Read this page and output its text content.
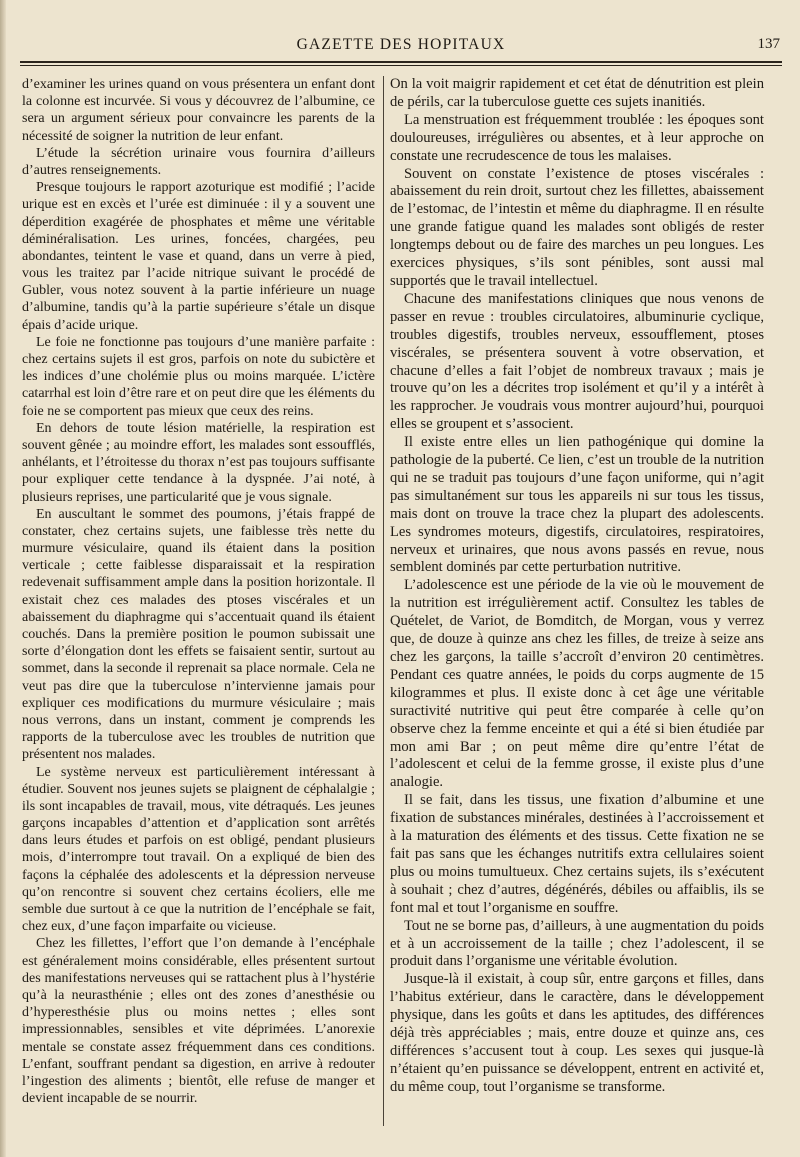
GAZETTE DES HOPITAUX	137

d’examiner les urines quand on vous présentera un enfant dont la colonne est incurvée. Si vous y découvrez de l’albumine, ce sera un argument sérieux pour convaincre les parents de la nécessité de soigner la nutrition de leur enfant.

L’étude la sécrétion urinaire vous fournira d’ailleurs d’autres renseignements.

Presque toujours le rapport azoturique est modifié ; l’acide urique est en excès et l’urée est diminuée : il y a souvent une déperdition exagérée de phosphates et même une véritable déminéralisation. Les urines, foncées, chargées, peu abondantes, teintent le vase et quand, dans un verre à pied, vous les traitez par l’acide nitrique suivant le procédé de Gubler, vous notez souvent à la partie inférieure un nuage d’albumine, tandis qu’à la partie supérieure s’étale un disque épais d’acide urique.

Le foie ne fonctionne pas toujours d’une manière parfaite : chez certains sujets il est gros, parfois on note du subictère et les indices d’une cholémie plus ou moins marquée. L’ictère catarrhal est loin d’être rare et on peut dire que les éléments du foie ne se comportent pas mieux que ceux des reins.

En dehors de toute lésion matérielle, la respiration est souvent gênée ; au moindre effort, les malades sont essoufflés, anhélants, et l’étroitesse du thorax n’est pas toujours suffisante pour expliquer cette tendance à la dyspnée. J’ai noté, à plusieurs reprises, une particularité que je vous signale.

En auscultant le sommet des poumons, j’étais frappé de constater, chez certains sujets, une faiblesse très nette du murmure vésiculaire, quand ils étaient dans la position verticale ; cette faiblesse disparaissait et la respiration redevenait suffisamment ample dans la position horizontale. Il existait chez ces malades des ptoses viscérales et un abaissement du diaphragme qui s’accentuait quand ils étaient couchés. Dans la première position le poumon subissait une sorte d’élongation dont les effets se faisaient sentir, surtout au sommet, dans la seconde il reprenait sa place normale. Cela ne veut pas dire que la tuberculose n’intervienne jamais pour expliquer ces modifications du murmure vésiculaire ; mais nous verrons, dans un instant, comment je comprends les rapports de la tuberculose avec les troubles de nutrition que présentent nos malades.

Le système nerveux est particulièrement intéressant à étudier. Souvent nos jeunes sujets se plaignent de céphalalgie ; ils sont incapables de travail, mous, vite détraqués. Les jeunes garçons incapables d’attention et d’application sont arrêtés dans leurs études et parfois on est obligé, pendant plusieurs mois, d’interrompre tout travail. On a expliqué de bien des façons la céphalée des adolescents et la dépression nerveuse qu’on rencontre si souvent chez certains écoliers, elle me semble due surtout à ce que la nutrition de l’encéphale se fait, chez eux, d’une façon imparfaite ou vicieuse.

Chez les fillettes, l’effort que l’on demande à l’encéphale est généralement moins considérable, elles présentent surtout des manifestations nerveuses qui se rattachent plus à l’hystérie qu’à la neurasthénie ; elles ont des zones d’anesthésie ou d’hyperesthésie plus ou moins nettes ; elles sont impressionnables, sensibles et vite déprimées. L’anorexie mentale se constate assez fréquemment dans ces conditions. L’enfant, souffrant pendant sa digestion, en arrive à redouter l’ingestion des aliments ; bientôt, elle refuse de manger et devient incapable de se nourrir.

On la voit maigrir rapidement et cet état de dénutrition est plein de périls, car la tuberculose guette ces sujets inanitiés.

La menstruation est fréquemment troublée : les époques sont douloureuses, irrégulières ou absentes, et à leur approche on constate une recrudescence de tous les malaises.

Souvent on constate l’existence de ptoses viscérales : abaissement du rein droit, surtout chez les fillettes, abaissement de l’estomac, de l’intestin et même du diaphragme. Il en résulte une grande fatigue quand les malades sont obligés de rester longtemps debout ou de faire des marches un peu longues. Les exercices physiques, s’ils sont pénibles, sont aussi mal supportés que le travail intellectuel.

Chacune des manifestations cliniques que nous venons de passer en revue : troubles circulatoires, albuminurie cyclique, troubles digestifs, troubles nerveux, essoufflement, ptoses viscérales, se présentera souvent à votre observation, et chacune d’elles a fait l’objet de nombreux travaux ; mais je trouve qu’on les a décrites trop isolément et qu’il y a intérêt à les rapprocher. Je voudrais vous montrer aujourd’hui, pourquoi elles se groupent et s’associent.

Il existe entre elles un lien pathogénique qui domine la pathologie de la puberté. Ce lien, c’est un trouble de la nutrition qui ne se traduit pas toujours d’une façon uniforme, qui n’agit pas simultanément sur tous les appareils ni sur tous les tissus, mais dont on trouve la trace chez la plupart des adolescents. Les syndromes moteurs, digestifs, circulatoires, respiratoires, nerveux et urinaires, que nous avons passés en revue, nous semblent dominés par cette perturbation nutritive.

L’adolescence est une période de la vie où le mouvement de la nutrition est irrégulièrement actif. Consultez les tables de Quételet, de Variot, de Bomditch, de Morgan, vous y verrez que, de douze à quinze ans chez les filles, de treize à seize ans chez les garçons, la taille s’accroît d’environ 20 centimètres. Pendant ces quatre années, le poids du corps augmente de 15 kilogrammes et plus. Il existe donc à cet âge une véritable suractivité nutritive qui peut être comparée à celle qu’on observe chez la femme enceinte et qui a été si bien étudiée par mon ami Bar ; on peut même dire qu’entre l’état de l’adolescent et celui de la femme grosse, il existe plus d’une analogie.

Il se fait, dans les tissus, une fixation d’albumine et une fixation de substances minérales, destinées à l’accroissement et à la maturation des éléments et des tissus. Cette fixation ne se fait pas sans que les échanges nutritifs extra cellulaires soient plus ou moins tumultueux. Chez certains sujets, ils s’exécutent à souhait ; chez d’autres, dégénérés, débiles ou affaiblis, ils se font mal et tout l’organisme en souffre.

Tout ne se borne pas, d’ailleurs, à une augmentation du poids et à un accroissement de la taille ; chez l’adolescent, il se produit dans l’organisme une véritable évolution.

Jusque-là il existait, à coup sûr, entre garçons et filles, dans l’habitus extérieur, dans le caractère, dans le développement physique, dans les goûts et dans les aptitudes, des différences déjà très appréciables ; mais, entre douze et quinze ans, ces différences s’accusent tout à coup. Les sexes qui jusque-là n’étaient qu’en puissance se développent, entrent en activité et, du même coup, tout l’organisme se transforme.
